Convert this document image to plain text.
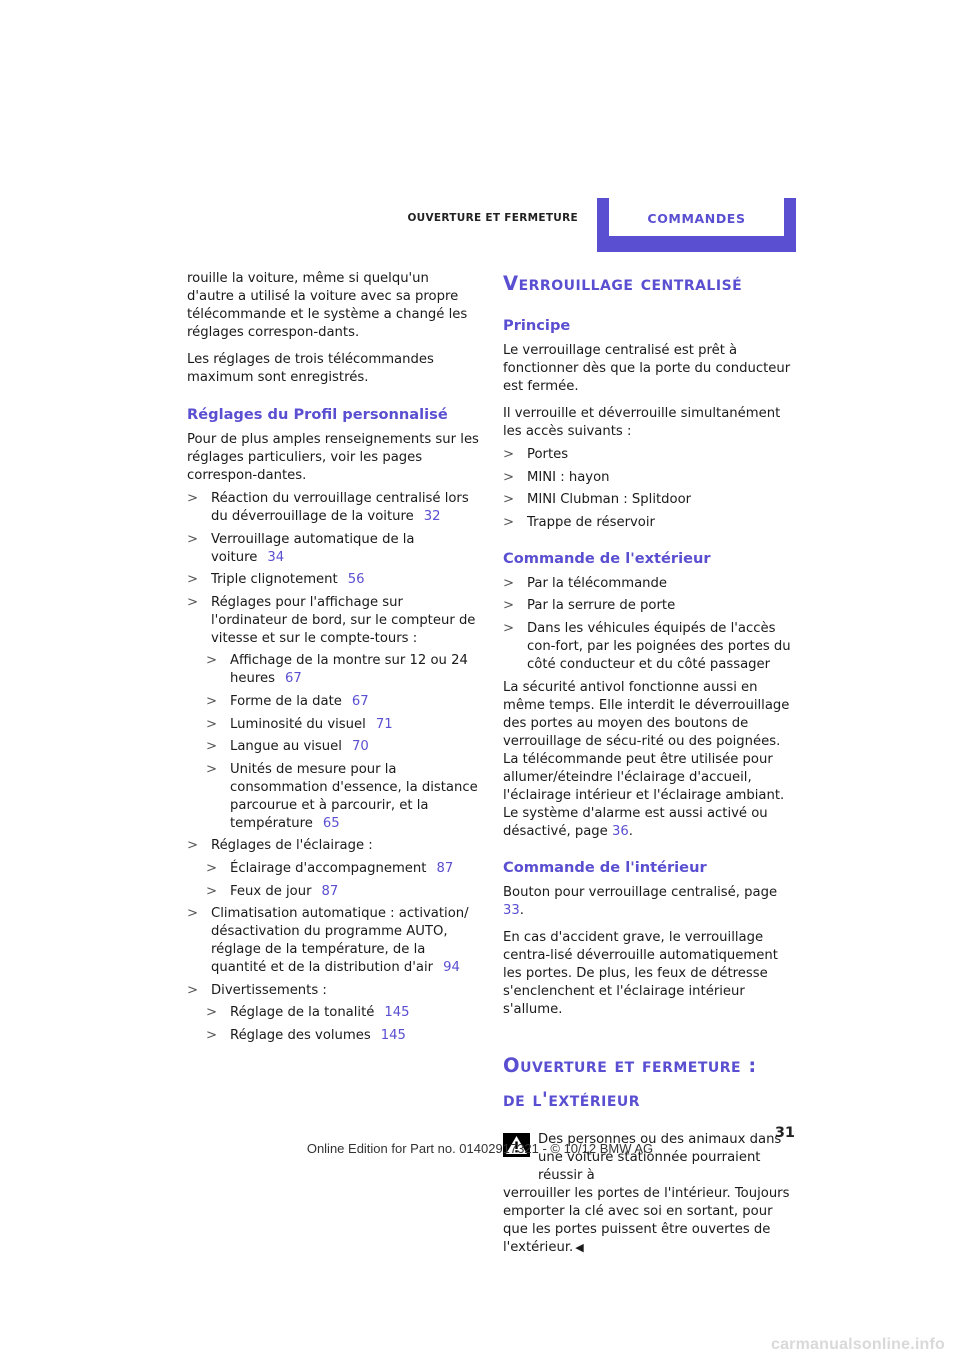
OUVERTURE ET FERMETURE	COMMANDES

rouille la voiture, même si quelqu'un d'autre a utilisé la voiture avec sa propre télécommande et le système a changé les réglages correspon-dants.

Les réglages de trois télécommandes maximum sont enregistrés.

Réglages du Profil personnalisé

Pour de plus amples renseignements sur les réglages particuliers, voir les pages correspon-dantes.

> Réaction du verrouillage centralisé lors du déverrouillage de la voiture 32
> Verrouillage automatique de la voiture 34
> Triple clignotement 56
> Réglages pour l'affichage sur l'ordinateur de bord, sur le compteur de vitesse et sur le compte-tours :
> Affichage de la montre sur 12 ou 24 heures 67
> Forme de la date 67
> Luminosité du visuel 71
> Langue au visuel 70
> Unités de mesure pour la consommation d'essence, la distance parcourue et à parcourir, et la température 65
> Réglages de l'éclairage :
> Éclairage d'accompagnement 87
> Feux de jour 87
> Climatisation automatique : activation/ désactivation du programme AUTO, réglage de la température, de la quantité et de la distribution d'air 94
> Divertissements :
> Réglage de la tonalité 145
> Réglage des volumes 145
Verrouillage centralisé
Principe

Le verrouillage centralisé est prêt à fonctionner dès que la porte du conducteur est fermée.

Il verrouille et déverrouille simultanément les accès suivants :

> Portes
> MINI : hayon
> MINI Clubman : Splitdoor
> Trappe de réservoir
Commande de l'extérieur
> Par la télécommande
> Par la serrure de porte
> Dans les véhicules équipés de l'accès con-fort, par les poignées des portes du côté conducteur et du côté passager

La sécurité antivol fonctionne aussi en même temps. Elle interdit le déverrouillage des portes au moyen des boutons de verrouillage de sécu-rité ou des poignées. La télécommande peut être utilisée pour allumer/éteindre l'éclairage d'accueil, l'éclairage intérieur et l'éclairage ambiant. Le système d'alarme est aussi activé ou désactivé, page 36.

Commande de l'intérieur

Bouton pour verrouillage centralisé, page 33.

En cas d'accident grave, le verrouillage centra-lisé déverrouille automatiquement les portes. De plus, les feux de détresse s'enclenchent et l'éclairage intérieur s'allume.

Ouverture et fermeture :
de l'extérieur
Des personnes ou des animaux dans une voiture stationnée pourraient réussir à
verrouiller les portes de l'intérieur. Toujours emporter la clé avec soi en sortant, pour que les portes puissent être ouvertes de l'extérieur. ◀
31
Online Edition for Part no. 01402917321 - © 10/12 BMW AG
carmanualsonline.info
